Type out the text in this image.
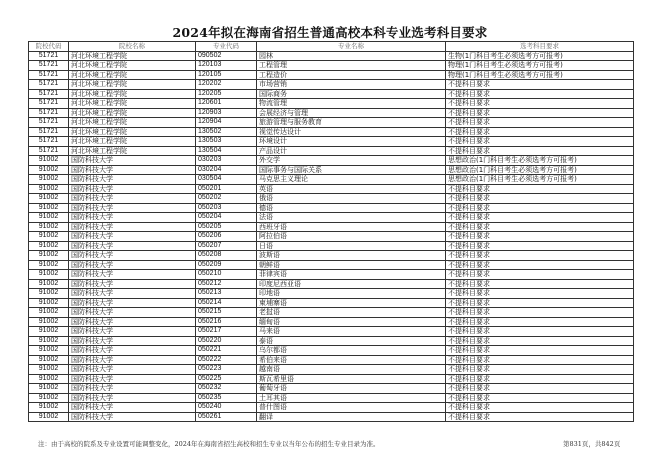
2024年拟在海南省招生普通高校本科专业选考科目要求
院校代码	院校名称	专业代码	专业名称	选考科目要求
51721	河北环境工程学院	090502	园林	生物(1门科目考生必须选考方可报考)
51721	河北环境工程学院	120103	工程管理	物理(1门科目考生必须选考方可报考)
51721	河北环境工程学院	120105	工程造价	物理(1门科目考生必须选考方可报考)
51721	河北环境工程学院	120202	市场营销	不提科目要求
51721	河北环境工程学院	120205	国际商务	不提科目要求
51721	河北环境工程学院	120601	物流管理	不提科目要求
51721	河北环境工程学院	120903	会展经济与管理	不提科目要求
51721	河北环境工程学院	120904	旅游管理与服务教育	不提科目要求
51721	河北环境工程学院	130502	视觉传达设计	不提科目要求
51721	河北环境工程学院	130503	环境设计	不提科目要求
51721	河北环境工程学院	130504	产品设计	不提科目要求
91002	国防科技大学	030203	外交学	思想政治(1门科目考生必须选考方可报考)
91002	国防科技大学	030204	国际事务与国际关系	思想政治(1门科目考生必须选考方可报考)
91002	国防科技大学	030504	马克思主义理论	思想政治(1门科目考生必须选考方可报考)
91002	国防科技大学	050201	英语	不提科目要求
91002	国防科技大学	050202	俄语	不提科目要求
91002	国防科技大学	050203	德语	不提科目要求
91002	国防科技大学	050204	法语	不提科目要求
91002	国防科技大学	050205	西班牙语	不提科目要求
91002	国防科技大学	050206	阿拉伯语	不提科目要求
91002	国防科技大学	050207	日语	不提科目要求
91002	国防科技大学	050208	波斯语	不提科目要求
91002	国防科技大学	050209	朝鲜语	不提科目要求
91002	国防科技大学	050210	菲律宾语	不提科目要求
91002	国防科技大学	050212	印度尼西亚语	不提科目要求
91002	国防科技大学	050213	印地语	不提科目要求
91002	国防科技大学	050214	柬埔寨语	不提科目要求
91002	国防科技大学	050215	老挝语	不提科目要求
91002	国防科技大学	050216	缅甸语	不提科目要求
91002	国防科技大学	050217	马来语	不提科目要求
91002	国防科技大学	050220	泰语	不提科目要求
91002	国防科技大学	050221	乌尔都语	不提科目要求
91002	国防科技大学	050222	希伯来语	不提科目要求
91002	国防科技大学	050223	越南语	不提科目要求
91002	国防科技大学	050225	斯瓦希里语	不提科目要求
91002	国防科技大学	050232	葡萄牙语	不提科目要求
91002	国防科技大学	050235	土耳其语	不提科目要求
91002	国防科技大学	050240	普什图语	不提科目要求
91002	国防科技大学	050261	翻译	不提科目要求
注：由于高校的院系及专业设置可能调整变化，2024年在海南省招生高校和招生专业以当年公布的招生专业目录为准。	第831页，共842页
